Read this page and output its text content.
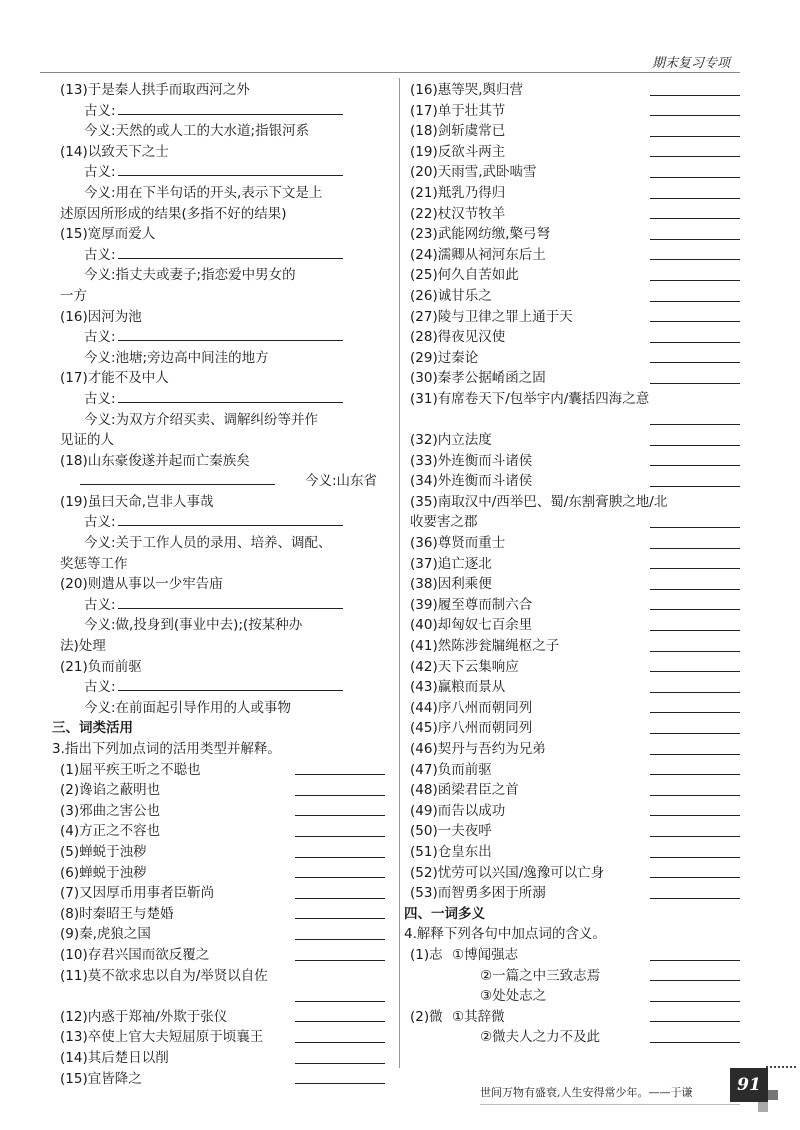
期末复习专项
(13)于是秦人拱手而取西河之外
古义:
今义:天然的或人工的大水道;指银河系
(14)以致天下之士
古义:
今义:用在下半句话的开头,表示下文是上
述原因所形成的结果(多指不好的结果)
(15)宽厚而爱人
古义:
今义:指丈夫或妻子;指恋爱中男女的
一方
(16)因河为池
古义:
今义:池塘;旁边高中间洼的地方
(17)才能不及中人
古义:
今义:为双方介绍买卖、调解纠纷等并作
见证的人
(18)山东豪俊遂并起而亡秦族矣
今义:山东省
(19)虽曰天命,岂非人事哉
古义:
今义:关于工作人员的录用、培养、调配、
奖惩等工作
(20)则遣从事以一少牢告庙
古义:
今义:做,投身到(事业中去);(按某种办
法)处理
(21)负而前驱
古义:
今义:在前面起引导作用的人或事物
三、词类活用
3.指出下列加点词的活用类型并解释。
(1)屈平疾王听之不聪也
(2)谗谄之蔽明也
(3)邪曲之害公也
(4)方正之不容也
(5)蝉蜕于浊秽
(6)蝉蜕于浊秽
(7)又因厚币用事者臣靳尚
(8)时秦昭王与楚婚
(9)秦,虎狼之国
(10)存君兴国而欲反覆之
(11)莫不欲求忠以自为/举贤以自佐
(12)内惑于郑袖/外欺于张仪
(13)卒使上官大夫短屈原于顷襄王
(14)其后楚日以削
(15)宜皆降之
(16)惠等哭,舆归营
(17)单于壮其节
(18)剑斩虞常已
(19)反欲斗两主
(20)天雨雪,武卧啮雪
(21)羝乳乃得归
(22)杖汉节牧羊
(23)武能网纺缴,檠弓弩
(24)濡卿从祠河东后土
(25)何久自苦如此
(26)诚甘乐之
(27)陵与卫律之罪上通于天
(28)得夜见汉使
(29)过秦论
(30)秦孝公据崤函之固
(31)有席卷天下/包举宇内/囊括四海之意
(32)内立法度
(33)外连衡而斗诸侯
(34)外连衡而斗诸侯
(35)南取汉中/西举巴、蜀/东割膏腴之地/北
收要害之郡
(36)尊贤而重士
(37)追亡逐北
(38)因利乘便
(39)履至尊而制六合
(40)却匈奴七百余里
(41)然陈涉瓮牖绳枢之子
(42)天下云集响应
(43)赢粮而景从
(44)序八州而朝同列
(45)序八州而朝同列
(46)契丹与吾约为兄弟
(47)负而前驱
(48)函梁君臣之首
(49)而告以成功
(50)一夫夜呼
(51)仓皇东出
(52)忧劳可以兴国/逸豫可以亡身
(53)而智勇多困于所溺
四、一词多义
4.解释下列各句中加点词的含义。
(1)志 ①博闻强志
②一篇之中三致志焉
③处处志之
(2)微 ①其辞微
②微夫人之力不及此
世间万物有盛衰,人生安得常少年。——于谦	91
